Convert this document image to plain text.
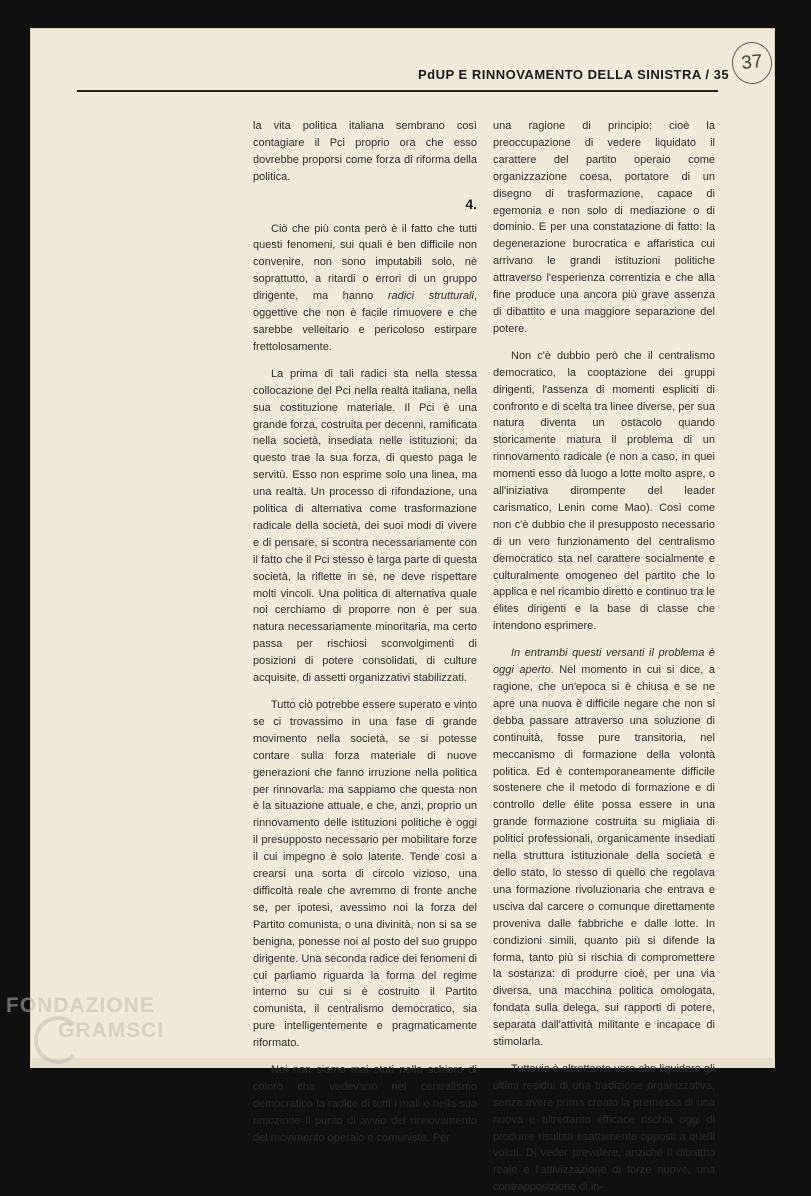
37
PdUP E RINNOVAMENTO DELLA SINISTRA / 35

la vita politica italiana sembrano così contagiare il Pci proprio ora che esso dovrebbe proporsi come forza di riforma della politica.

4.

Ciò che più conta però è il fatto che tutti questi fenomeni, sui quali è ben difficile non convenire, non sono imputabili solo, nè soprattutto, a ritardi o errori di un gruppo dirigente, ma hanno radici strutturali, oggettive che non è facile rimuovere e che sarebbe velleitario e pericoloso estirpare frettolosamente.

La prima di tali radici sta nella stessa collocazione del Pci nella realtà italiana, nella sua costituzione materiale. Il Pci è una grande forza, costruita per decenni, ramificata nella società, insediata nelle istituzioni; da questo trae la sua forza, di questo paga le servitù. Esso non esprime solo una linea, ma una realtà. Un processo di rifondazione, una politica di alternativa come trasformazione radicale della società, dei suoi modi di vivere e di pensare, si scontra necessariamente con il fatto che il Pci stesso è larga parte di questa società, la riflette in sè, ne deve rispettare molti vincoli. Una politica di alternativa quale noi cerchiamo di proporre non è per sua natura necessariamente minoritaria, ma certo passa per rischiosi sconvolgimenti di posizioni di potere consolidati, di culture acquisite, di assetti organizzativi stabilizzati.

Tutto ciò potrebbe essere superato e vinto se ci trovassimo in una fase di grande movimento nella società, se si potesse contare sulla forza materiale di nuove generazioni che fanno irruzione nella politica per rinnovarla: ma sappiamo che questa non è la situazione attuale, e che, anzi, proprio un rinnovamento delle istituzioni politiche è oggi il presupposto necessario per mobilitare forze il cui impegno è solo latente. Tende così a crearsi una sorta di circolo vizioso, una difficoltà reale che avremmo di fronte anche se, per ipotesi, avessimo noi la forza del Partito comunista, o una divinità, non si sa se benigna, ponesse noi al posto del suo gruppo dirigente. Una seconda radice dei fenomeni di cui parliamo riguarda la forma del regime interno su cui si è costruito il Partito comunista, il centralismo democratico, sia pure intelligentemente e pragmaticamente riformato.

Noi non siamo mai stati nella schiera di coloro che vedevano nel centralismo democratico la radice di tutti i mali e nella sua rimozione il punto di avvio del rinnovamento del movimento operaio e comunista. Per

una ragione di principio: cioè la preoccupazione di vedere liquidato il carattere del partito operaio come organizzazione coesa, portatore di un disegno di trasformazione, capace di egemonia e non solo di mediazione o di dominio. E per una constatazione di fatto: la degenerazione burocratica e affaristica cui arrivano le grandi istituzioni politiche attraverso l'esperienza correntizia e che alla fine produce una ancora più grave assenza di dibattito e una maggiore separazione del potere.

Non c'è dubbio però che il centralismo democratico, la cooptazione dei gruppi dirigenti, l'assenza di momenti espliciti di confronto e di scelta tra linee diverse, per sua natura diventa un ostacolo quando storicamente matura il problema di un rinnovamento radicale (e non a caso, in quei momenti esso dà luogo a lotte molto aspre, o all'iniziativa dirompente del leader carismatico, Lenin come Mao). Così come non c'è dubbio che il presupposto necessario di un vero funzionamento del centralismo democratico sta nel carattere socialmente e culturalmente omogeneo del partito che lo applica e nel ricambio diretto e continuo tra le élites dirigenti e la base di classe che intendono esprimere.

In entrambi questi versanti il problema è oggi aperto. Nel momento in cui si dice, a ragione, che un'epoca si è chiusa e se ne apre una nuova è difficile negare che non si debba passare attraverso una soluzione di continuità, fosse pure transitoria, nel meccanismo di formazione della volontà politica. Ed è contemporaneamente difficile sostenere che il metodo di formazione e di controllo delle élite possa essere in una grande formazione costruita su migliaia di politici professionali, organicamente insediati nella struttura istituzionale della società e dello stato, lo stesso di quello che regolava una formazione rivoluzionaria che entrava e usciva dal carcere o comunque direttamente proveniva dalle fabbriche e dalle lotte. In condizioni simili, quanto più si difende la forma, tanto più si rischia di compromettere la sostanza: di produrre cioè, per una via diversa, una macchina politica omologata, fondata sulla delega, sui rapporti di potere, separata dall'attività militante e incapace di stimolarla.

Tuttavia è altrettanto vero che liquidare gli ultimi residui di una tradizione organizzativa, senza avere prima creato la premessa di una nuova e altrettanto efficace rischia oggi di produrre risultati esattamente opposti a quelli voluti. Di veder prevalere, anziché il dibattito reale e l'attivizzazione di forze nuove, una contrapposizione di in-

FONDAZIONE
GRAMSCI
